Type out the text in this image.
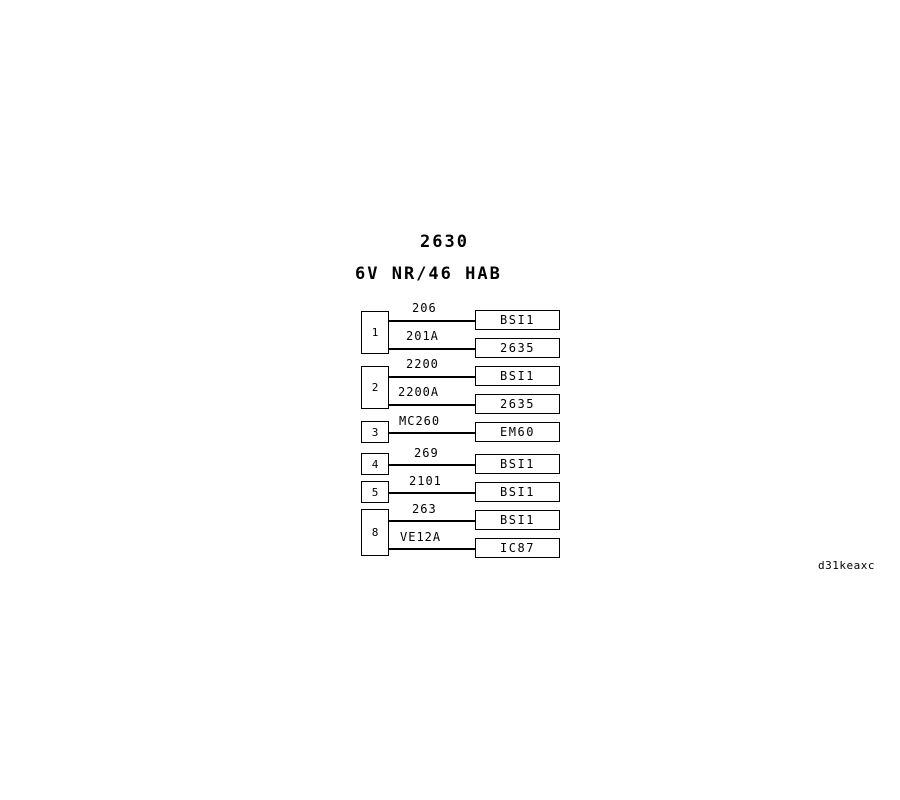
2630
6V NR/46 HAB
1
206
BSI1
201A
2635
2
2200
BSI1
2200A
2635
3
MC260
EM60
4
269
BSI1
5
2101
BSI1
8
263
BSI1
VE12A
IC87
d31keaxc
